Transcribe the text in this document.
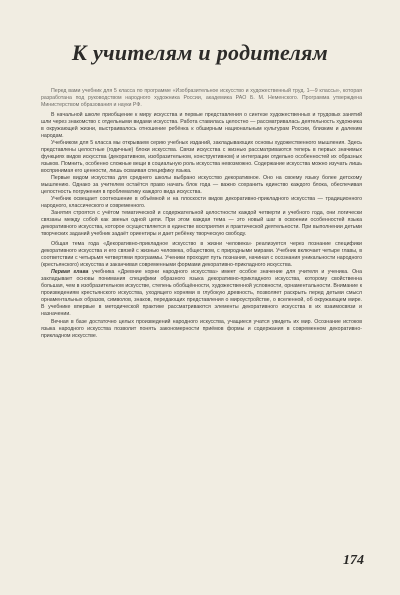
К учителям и родителям

Перед вами учебник для 5 класса по программе «Изобразительное искусство и художественный труд. 1—9 классы», которая разработана под руководством народного художника России, академика РАО Б. М. Неменского. Программа утверждена Министерством образования и науки РФ.

В начальной школе приобщение к миру искусства и первые представления о синтезе художественных и трудовых занятий шли через знакомство с отдельными видами искусства. Работа ставилась целостно — рассматривалась деятельность художника в окружающей жизни, выстраивалось отношение ребёнка к обширным национальным культурам России, близким и далеким народам.

Учебником для 5 класса мы открываем серию учебных изданий, закладывающих основы художественного мышления. Здесь представлены целостные (годичные) блоки искусства. Связи искусства с жизнью рассматриваются теперь в первых значимых функциях видов искусства (декоративном, изобразительном, конструктивном) и интеграции отдельно особенностей их образных языков. Помнить, особенно сложные вещи в социальную роль искусства невозможно. Содержание искусства можно изучать лишь воспринимая его ценности, лишь осваивая специфику языка.

Первые видом искусства для среднего школы выбрано искусство декоративное. Оно на своему языку более детскому мышлению. Однако за учителем остаётся право начать блок года — важно сохранить единство каждого блока, обеспечивая целостность погружения в проблематику каждого вида искусства.

Учебник освещает соотношение в объёмной и на плоскости видов декоративно-прикладного искусства — традиционного народного, классического и современного.

Занятия строятся с учётом тематической и содержательной целостности каждой четверти и учебного года, они логически связаны между собой как звенья одной цепи. При этом каждая тема — это новый шаг в освоении особенностей языка декоративного искусства, которое осуществляется в единстве восприятия и практической деятельности. При выполнении детьми творческих заданий учебник задаёт ориентиры и дает ребёнку творческую свободу.

Общая тема года «Декоративно-прикладное искусство в жизни человека» реализуется через познание специфики декоративного искусства и его связей с жизнью человека, обществом, с природными мирами. Учебник включает четыре главы, в соответствии с четырьмя четвертями программы. Ученики проходят путь познания, начиная с осознания уникальности народного (крестьянского) искусства и заканчивая современными формами декоративно-прикладного искусства.

Первая глава учебника «Древние корни народного искусства» имеет особое значение для учителя и ученика. Она закладывает основы понимания специфики образного языка декоративно-прикладного искусства, которому свойственна большая, чем в изобразительном искусстве, степень обобщённости, художественной условности, орнаментальности. Внимание к произведениям крестьянского искусства, уходящего корнями в глубокую древность, позволяет раскрыть перед детьми смысл орнаментальных образов, символов, знаков, передающих представления о мироустройстве, о вселенной, об окружающем мире. В учебнике впервые в методической практике рассматриваются элементы декоративного искусства в их взаимосвязи и назначении.

Вечная в базе достаточно целых произведений народного искусства, учащиеся учатся увидеть их мир. Осознание истоков языка народного искусства позволит понять закономерности приёмов формы и содержания в современном декоративно-прикладном искусстве.

174
